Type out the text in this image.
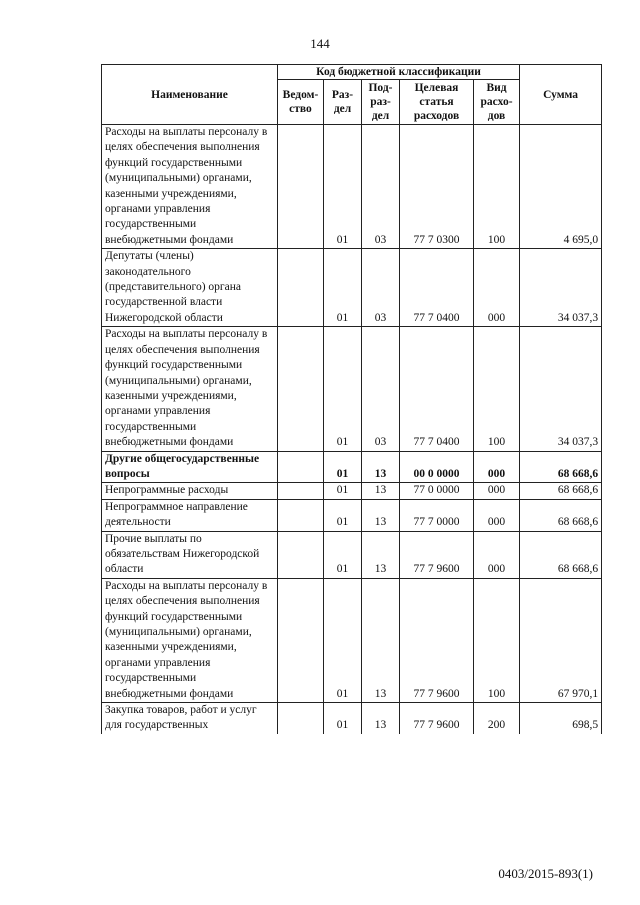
144
Наименование	Код бюджетной классификации					Сумма
	Ведом-ство	Раз-дел	Под-раз-дел	Целевая статья расходов	Вид расхо-дов	
Расходы на выплаты персоналу в целях обеспечения выполнения функций государственными (муниципальными) органами, казенными учреждениями, органами управления государственными внебюджетными фондами		01	03	77 7 0300	100	4 695,0
Депутаты (члены) законодательного (представительного) органа государственной власти Нижегородской области		01	03	77 7 0400	000	34 037,3
Расходы на выплаты персоналу в целях обеспечения выполнения функций государственными (муниципальными) органами, казенными учреждениями, органами управления государственными внебюджетными фондами		01	03	77 7 0400	100	34 037,3
Другие общегосударственные вопросы		01	13	00 0 0000	000	68 668,6
Непрограммные расходы		01	13	77 0 0000	000	68 668,6
Непрограммное направление деятельности		01	13	77 7 0000	000	68 668,6
Прочие выплаты по обязательствам Нижегородской области		01	13	77 7 9600	000	68 668,6
Расходы на выплаты персоналу в целях обеспечения выполнения функций государственными (муниципальными) органами, казенными учреждениями, органами управления государственными внебюджетными фондами		01	13	77 7 9600	100	67 970,1
Закупка товаров, работ и услуг для государственных		01	13	77 7 9600	200	698,5
0403/2015-893(1)
